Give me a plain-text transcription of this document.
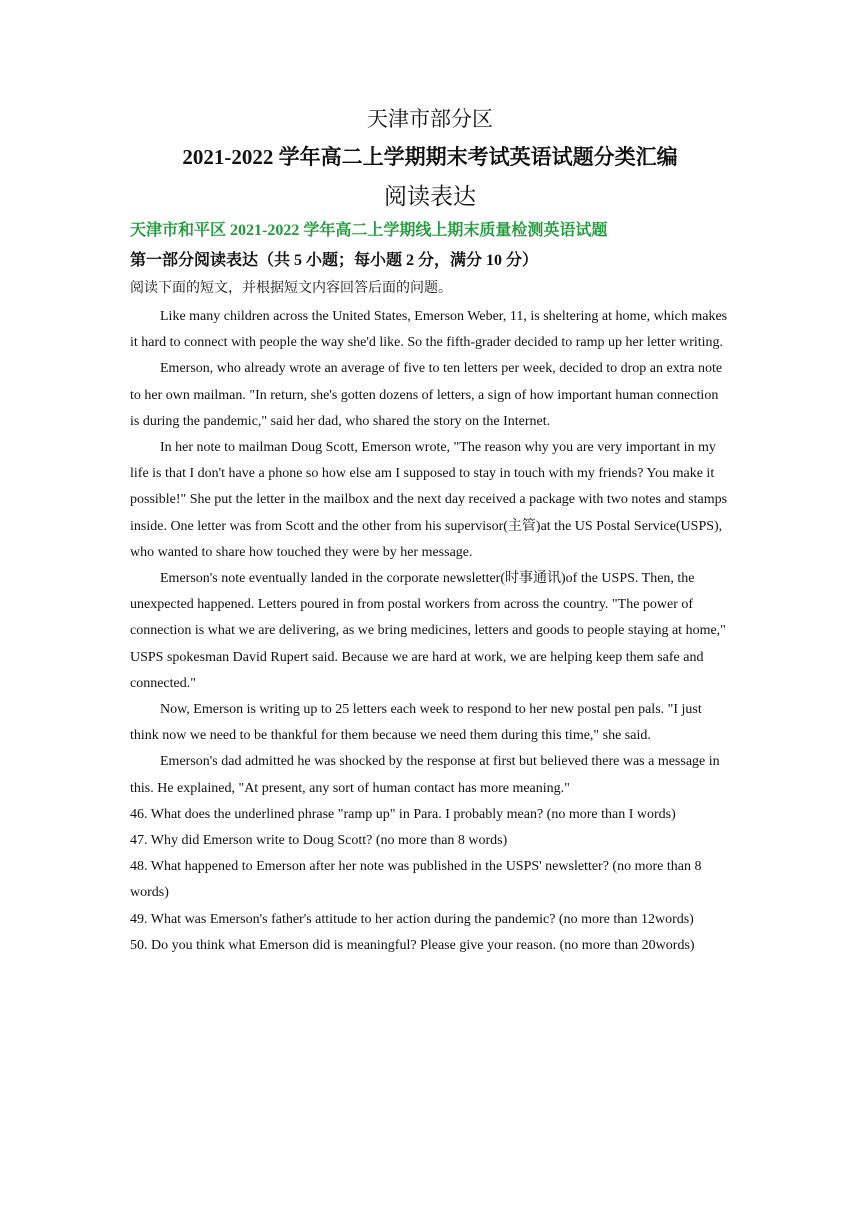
天津市部分区
2021-2022 学年高二上学期期末考试英语试题分类汇编
阅读表达
天津市和平区 2021-2022 学年高二上学期线上期末质量检测英语试题
第一部分阅读表达（共 5 小题；每小题 2 分，满分 10 分）
阅读下面的短文，并根据短文内容回答后面的问题。

Like many children across the United States, Emerson Weber, 11, is sheltering at home, which makes it hard to connect with people the way she'd like. So the fifth-grader decided to ramp up her letter writing.

Emerson, who already wrote an average of five to ten letters per week, decided to drop an extra note to her own mailman. "In return, she's gotten dozens of letters, a sign of how important human connection is during the pandemic," said her dad, who shared the story on the Internet.

In her note to mailman Doug Scott, Emerson wrote, "The reason why you are very important in my life is that I don't have a phone so how else am I supposed to stay in touch with my friends? You make it possible!" She put the letter in the mailbox and the next day received a package with two notes and stamps inside. One letter was from Scott and the other from his supervisor(主管)at the US Postal Service(USPS), who wanted to share how touched they were by her message.

Emerson's note eventually landed in the corporate newsletter(时事通讯)of the USPS. Then, the unexpected happened. Letters poured in from postal workers from across the country. "The power of connection is what we are delivering, as we bring medicines, letters and goods to people staying at home," USPS spokesman David Rupert said. Because we are hard at work, we are helping keep them safe and connected."

Now, Emerson is writing up to 25 letters each week to respond to her new postal pen pals. "I just think now we need to be thankful for them because we need them during this time," she said.

Emerson's dad admitted he was shocked by the response at first but believed there was a message in this. He explained, "At present, any sort of human contact has more meaning."

46. What does the underlined phrase "ramp up" in Para. I probably mean? (no more than I words)

47. Why did Emerson write to Doug Scott? (no more than 8 words)

48. What happened to Emerson after her note was published in the USPS' newsletter? (no more than 8 words)

49. What was Emerson's father's attitude to her action during the pandemic? (no more than 12words)

50. Do you think what Emerson did is meaningful? Please give your reason. (no more than 20words)
